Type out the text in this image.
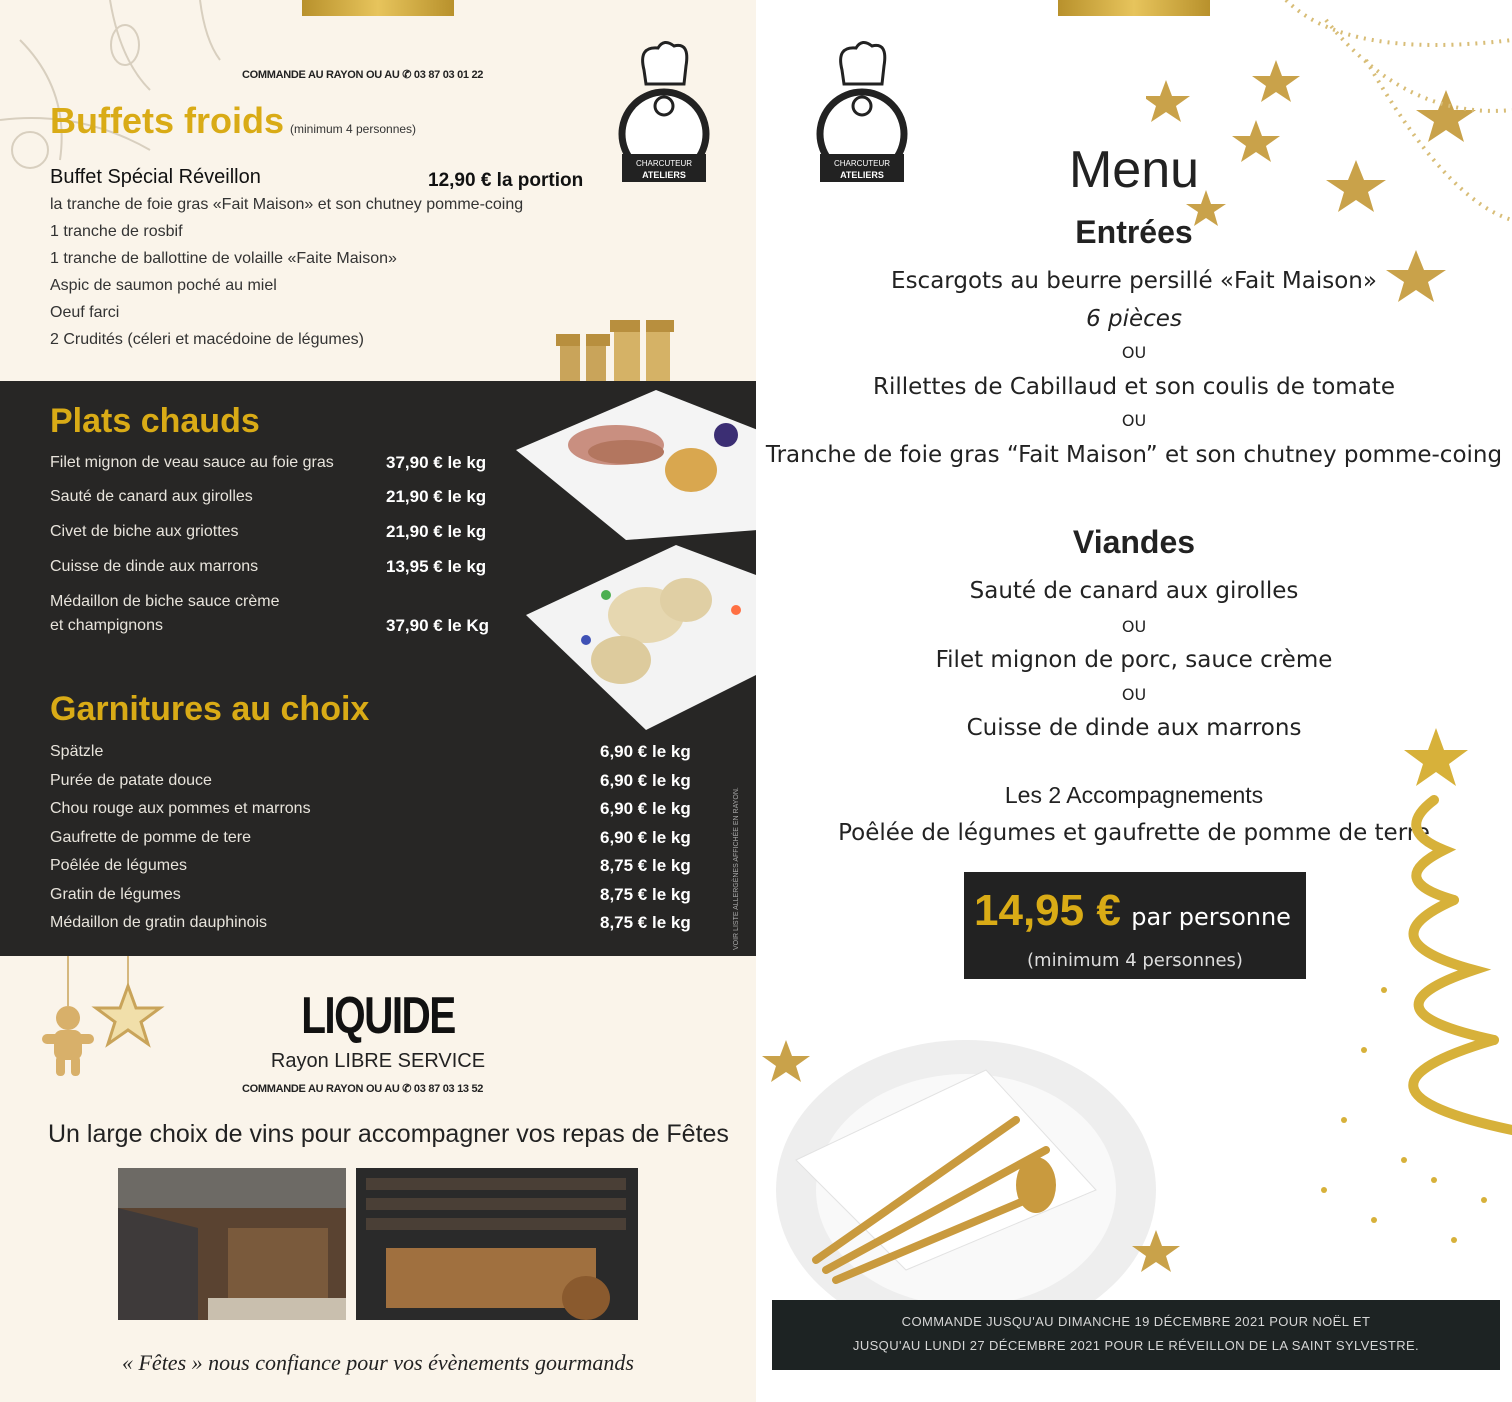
COMMANDE AU RAYON OU AU ✆ 03 87 03 01 22
CHARCUTEUR
ATELIERS
Buffets froids (minimum 4 personnes)
Buffet Spécial Réveillon	12,90 € la portion
la tranche de foie gras «Fait Maison» et son chutney pomme-coing
1 tranche de rosbif
1 tranche de ballottine de volaille «Faite Maison»
Aspic de saumon poché au miel
Oeuf farci
2 Crudités (céleri et macédoine de légumes)
Plats chauds
Filet mignon de veau sauce au foie gras	37,90 € le kg
Sauté de canard aux girolles	21,90 € le kg
Civet de biche aux griottes	21,90 € le kg
Cuisse de dinde aux marrons	13,95 € le kg
Médaillon de biche sauce crème
et champignons	37,90 € le Kg
Garnitures au choix
Spätzle	6,90 € le kg
Purée de patate douce	6,90 € le kg
Chou rouge aux pommes et marrons	6,90 € le kg
Gaufrette de pomme de tere	6,90 € le kg
Poêlée de légumes	8,75 € le kg
Gratin de légumes	8,75 € le kg
Médaillon de gratin dauphinois	8,75 € le kg	VOIR LISTE ALLERGÈNES AFFICHÉE EN RAYON.
LIQUIDE
Rayon LIBRE SERVICE
COMMANDE AU RAYON OU AU ✆ 03 87 03 13 52
Un large choix de vins pour accompagner vos repas de Fêtes
« Fêtes » nous confiance pour vos évènements gourmands
CHARCUTEUR
ATELIERS	Menu
Entrées
Escargots au beurre persillé «Fait Maison»
6 pièces
OU
Rillettes de Cabillaud et son coulis de tomate
OU
Tranche de foie gras “Fait Maison” et son chutney pomme-coing
Viandes
Sauté de canard aux girolles
OU
Filet mignon de porc, sauce crème
OU
Cuisse de dinde aux marrons
Les 2 Accompagnements
Poêlée de légumes et gaufrette de pomme de terre
14,95 € par personne
(minimum 4 personnes)
COMMANDE JUSQU'AU DIMANCHE 19 DÉCEMBRE 2021 POUR NOËL ET
JUSQU'AU LUNDI 27 DÉCEMBRE 2021 POUR LE RÉVEILLON DE LA SAINT SYLVESTRE.
